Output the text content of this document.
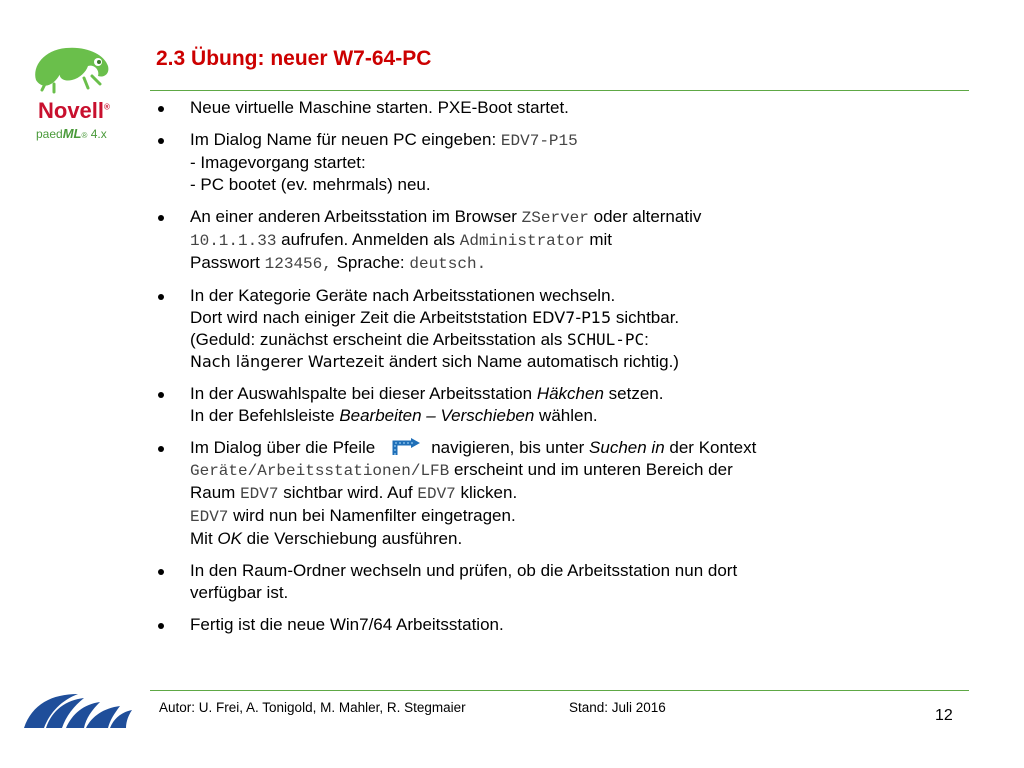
Novell®
paedML® 4.x
2.3 Übung: neuer W7-64-PC
Neue virtuelle Maschine starten. PXE-Boot startet.
Im Dialog Name für neuen PC eingeben: EDV7-P15
- Imagevorgang startet:
- PC bootet (ev. mehrmals) neu.
An einer anderen Arbeitsstation im Browser ZServer oder alternativ
10.1.1.33 aufrufen. Anmelden als Administrator mit
Passwort 123456, Sprache: deutsch.
In der Kategorie Geräte nach Arbeitsstationen wechseln.
Dort wird nach einiger Zeit die Arbeitststation EDV7-P15 sichtbar.
(Geduld: zunächst erscheint die Arbeitsstation als SCHUL-PC:
Nach längerer Wartezeit ändert sich Name automatisch richtig.)
In der Auswahlspalte bei dieser Arbeitsstation Häkchen setzen.
In der Befehlsleiste Bearbeiten – Verschieben wählen.
Im Dialog über die Pfeile	navigieren, bis unter Suchen in der Kontext
Geräte/Arbeitsstationen/LFB erscheint und im unteren Bereich der
Raum EDV7 sichtbar wird. Auf EDV7 klicken.
EDV7 wird nun bei Namenfilter eingetragen.
Mit OK die Verschiebung ausführen.
In den Raum-Ordner wechseln und prüfen, ob die Arbeitsstation nun dort
verfügbar ist.
Fertig ist die neue Win7/64 Arbeitsstation.
Autor: U. Frei, A. Tonigold, M. Mahler, R. Stegmaier	Stand: Juli 2016	12
